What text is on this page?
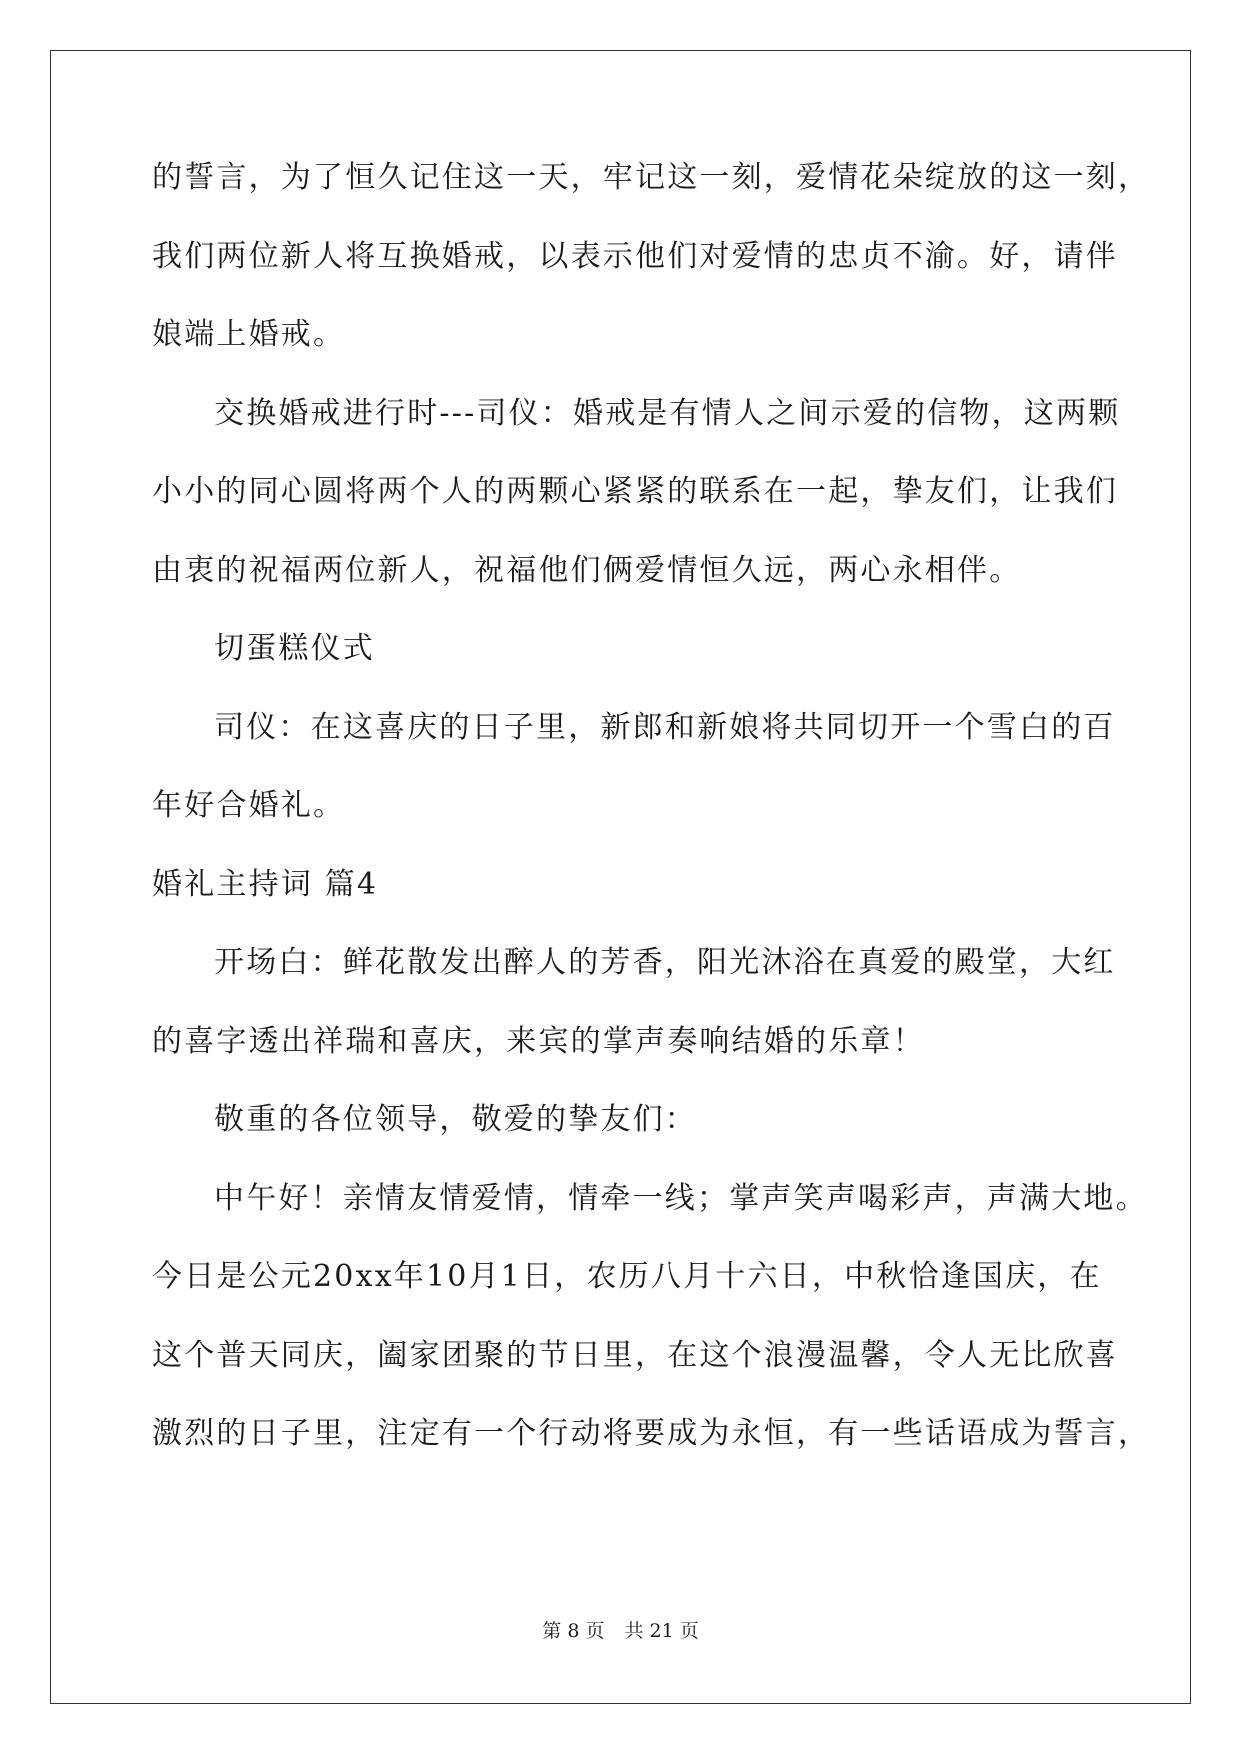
的誓言，为了恒久记住这一天，牢记这一刻，爱情花朵绽放的这一刻，
我们两位新人将互换婚戒，以表示他们对爱情的忠贞不渝。好，请伴
娘端上婚戒。
交换婚戒进行时---司仪：婚戒是有情人之间示爱的信物，这两颗
小小的同心圆将两个人的两颗心紧紧的联系在一起，挚友们，让我们
由衷的祝福两位新人，祝福他们俩爱情恒久远，两心永相伴。
切蛋糕仪式
司仪：在这喜庆的日子里，新郎和新娘将共同切开一个雪白的百
年好合婚礼。
婚礼主持词 篇4
开场白：鲜花散发出醉人的芳香，阳光沐浴在真爱的殿堂，大红
的喜字透出祥瑞和喜庆，来宾的掌声奏响结婚的乐章！
敬重的各位领导，敬爱的挚友们：
中午好！亲情友情爱情，情牵一线；掌声笑声喝彩声，声满大地。
今日是公元20xx年10月1日，农历八月十六日，中秋恰逢国庆，在
这个普天同庆，阖家团聚的节日里，在这个浪漫温馨，令人无比欣喜
激烈的日子里，注定有一个行动将要成为永恒，有一些话语成为誓言，
第 8 页 共 21 页
